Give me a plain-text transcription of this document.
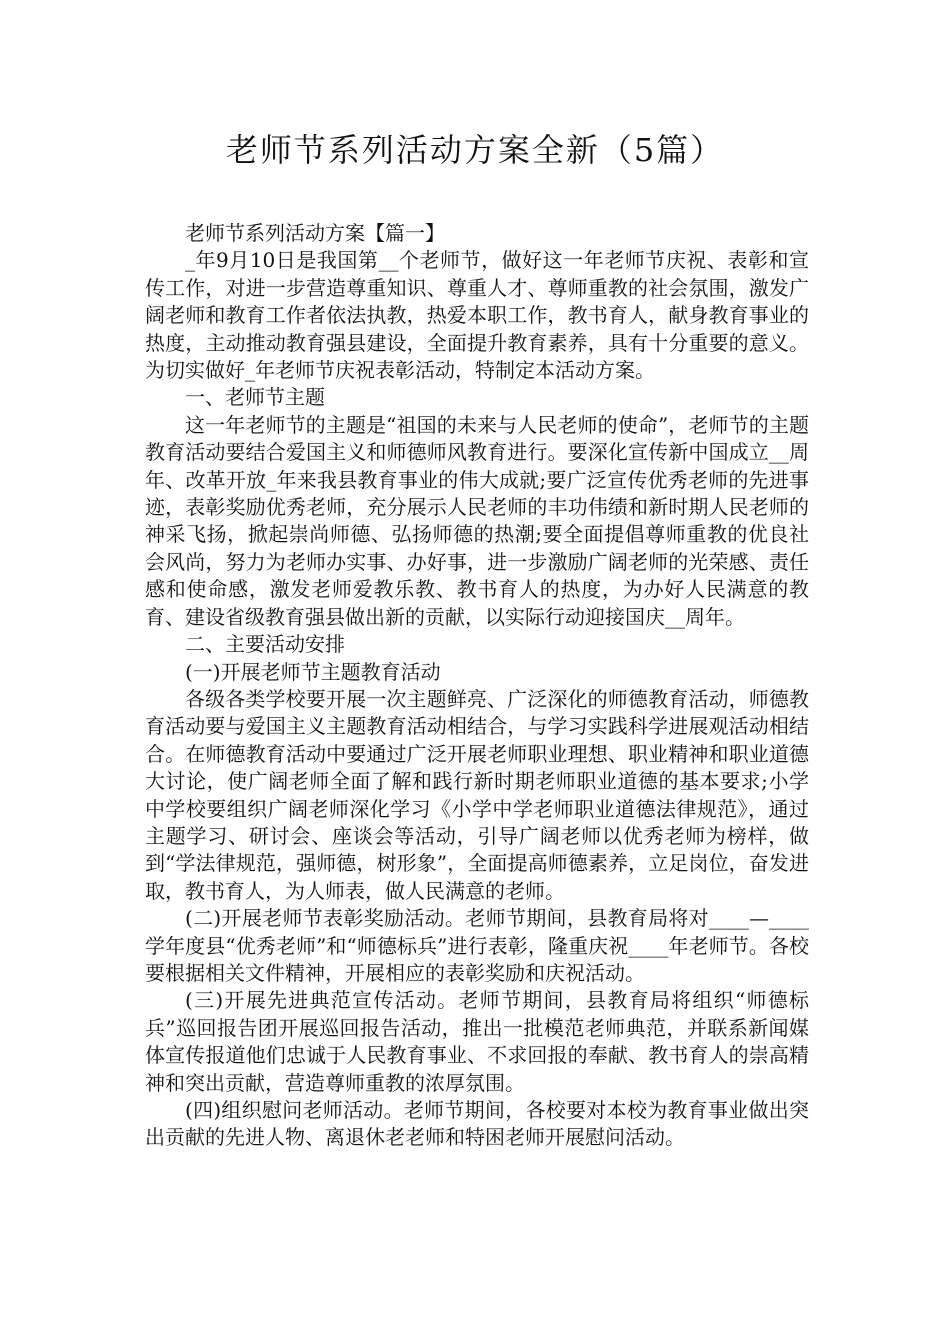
老师节系列活动方案全新（5篇）

老师节系列活动方案【篇一】

_年9月10日是我国第__个老师节，做好这一年老师节庆祝、表彰和宣传工作，对进一步营造尊重知识、尊重人才、尊师重教的社会氛围，激发广阔老师和教育工作者依法执教，热爱本职工作，教书育人，献身教育事业的热度，主动推动教育强县建设，全面提升教育素养，具有十分重要的意义。为切实做好_年老师节庆祝表彰活动，特制定本活动方案。

一、老师节主题

这一年老师节的主题是“祖国的未来与人民老师的使命”，老师节的主题教育活动要结合爱国主义和师德师风教育进行。要深化宣传新中国成立__周年、改革开放_年来我县教育事业的伟大成就;要广泛宣传优秀老师的先进事迹，表彰奖励优秀老师，充分展示人民老师的丰功伟绩和新时期人民老师的神采飞扬，掀起崇尚师德、弘扬师德的热潮;要全面提倡尊师重教的优良社会风尚，努力为老师办实事、办好事，进一步激励广阔老师的光荣感、责任感和使命感，激发老师爱教乐教、教书育人的热度，为办好人民满意的教育、建设省级教育强县做出新的贡献，以实际行动迎接国庆__周年。

二、主要活动安排

(一)开展老师节主题教育活动

各级各类学校要开展一次主题鲜亮、广泛深化的师德教育活动，师德教育活动要与爱国主义主题教育活动相结合，与学习实践科学进展观活动相结合。在师德教育活动中要通过广泛开展老师职业理想、职业精神和职业道德大讨论，使广阔老师全面了解和践行新时期老师职业道德的基本要求;小学中学校要组织广阔老师深化学习《小学中学老师职业道德法律规范》，通过主题学习、研讨会、座谈会等活动，引导广阔老师以优秀老师为榜样，做到“学法律规范，强师德，树形象”，全面提高师德素养，立足岗位，奋发进取，教书育人，为人师表，做人民满意的老师。

(二)开展老师节表彰奖励活动。老师节期间，县教育局将对____—____学年度县“优秀老师”和“师德标兵”进行表彰，隆重庆祝____年老师节。各校要根据相关文件精神，开展相应的表彰奖励和庆祝活动。

(三)开展先进典范宣传活动。老师节期间，县教育局将组织“师德标兵”巡回报告团开展巡回报告活动，推出一批模范老师典范，并联系新闻媒体宣传报道他们忠诚于人民教育事业、不求回报的奉献、教书育人的崇高精神和突出贡献，营造尊师重教的浓厚氛围。

(四)组织慰问老师活动。老师节期间，各校要对本校为教育事业做出突出贡献的先进人物、离退休老老师和特困老师开展慰问活动。
